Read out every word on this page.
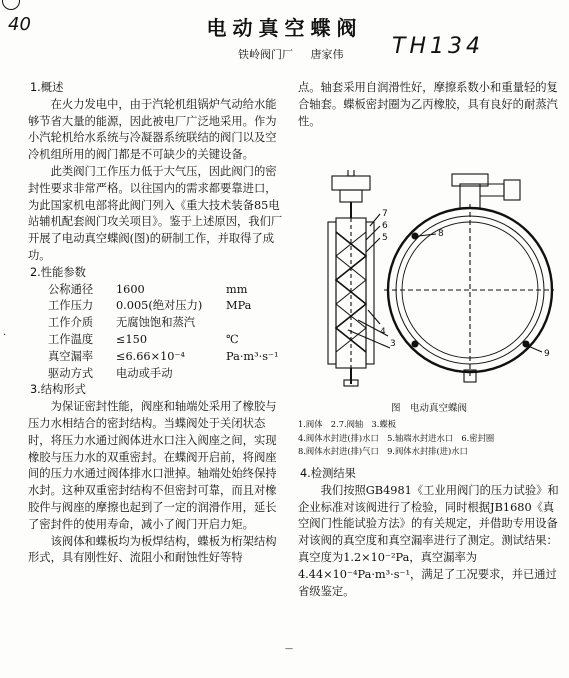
40	电动真空蝶阀
铁岭阀门厂 唐家伟	TH134
1.概述

在火力发电中，由于汽轮机组锅炉气动给水能够节省大量的能源，因此被电厂广泛地采用。作为小汽轮机给水系统与冷凝器系统联结的阀门以及空冷机组所用的阀门都是不可缺少的关键设备。

此类阀门工作压力低于大气压，因此阀门的密封性要求非常严格。以往国内的需求都要靠进口，为此国家机电部将此阀门列入《重大技术装备85电站辅机配套阀门攻关项目》。鉴于上述原因，我们厂开展了电动真空蝶阀(图)的研制工作，并取得了成功。

2.性能参数
公称通径	1600	mm
工作压力	0.005(绝对压力)	MPa
工作介质	无腐蚀饱和蒸汽
工作温度	≤150	℃
真空漏率	≤6.66×10⁻⁴	Pa·m³·s⁻¹
驱动方式	电动或手动
3.结构形式

为保证密封性能，阀座和轴端处采用了橡胶与压力水相结合的密封结构。当蝶阀处于关闭状态时，将压力水通过阀体进水口注入阀座之间，实现橡胶与压力水的双重密封。在蝶阀开启前，将阀座间的压力水通过阀体排水口泄掉。轴端处始终保持水封。这种双重密封结构不但密封可靠，而且对橡胶件与阀座的摩擦也起到了一定的润滑作用，延长了密封件的使用寿命，减小了阀门开启力矩。

该阀体和蝶板均为板焊结构，蝶板为桁架结构形式，具有刚性好、流阻小和耐蚀性好等特

点。轴套采用自润滑性好，摩擦系数小和重量轻的复合轴套。蝶板密封圈为乙丙橡胶，具有良好的耐蒸汽性。

7
6
5
4
3
8
9
图　电动真空蝶阀
1.阀体　2.7.阀轴　3.蝶板
4.阀体水封进(排)水口　5.轴端水封进水口　6.密封圈
8.阀体水封进(排)气口　9.阀体水封排(进)水口
4.检测结果

我们按照GB4981《工业用阀门的压力试验》和企业标准对该阀进行了检验，同时根据JB1680《真空阀门性能试验方法》的有关规定，并借助专用设备对该阀的真空度和真空漏率进行了测定。测试结果：真空度为1.2×10⁻²Pa，真空漏率为4.44×10⁻⁴Pa·m³·s⁻¹，满足了工况要求，并已通过省级鉴定。

·
—
